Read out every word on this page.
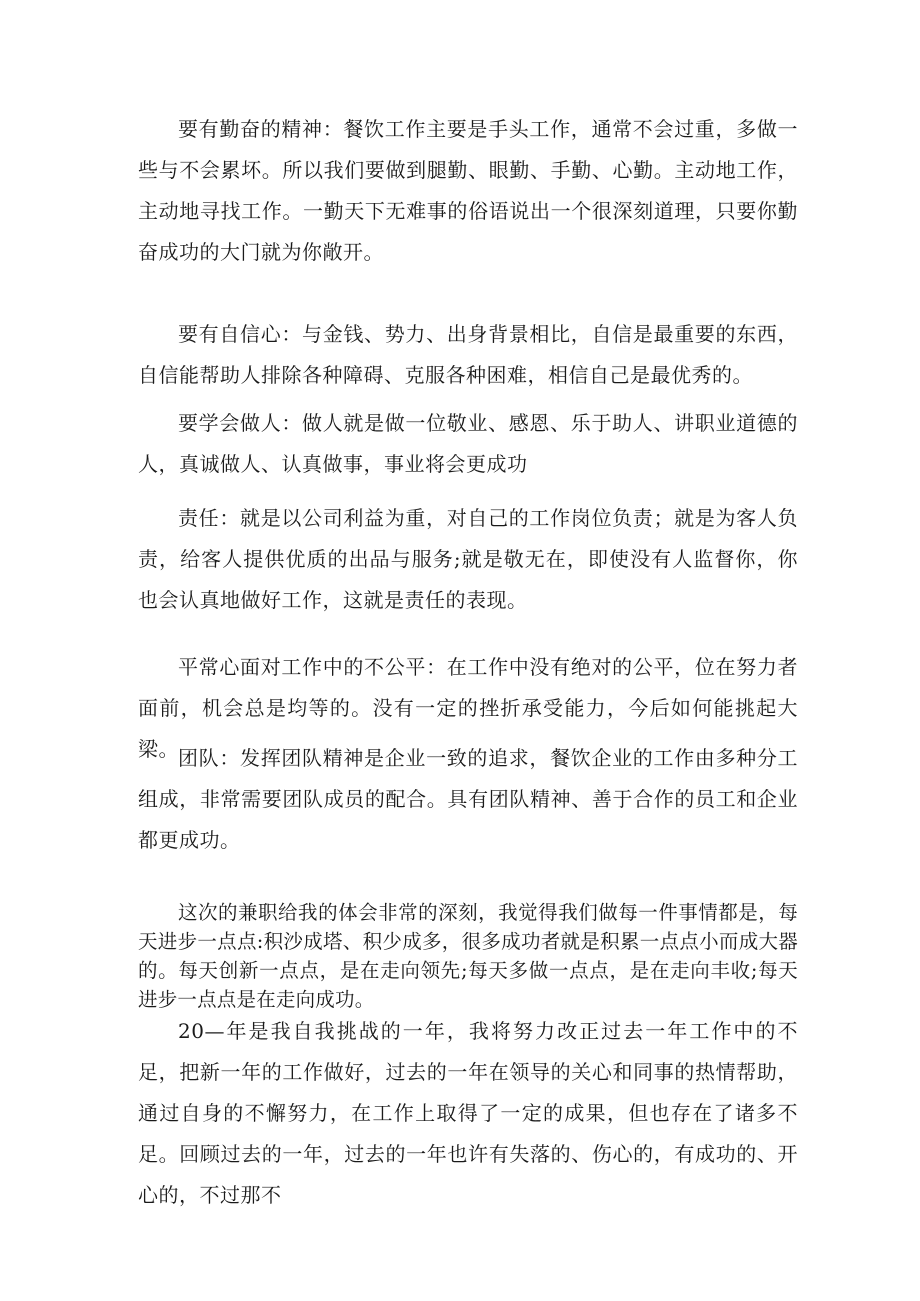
要有勤奋的精神：餐饮工作主要是手头工作，通常不会过重，多做一些与不会累坏。所以我们要做到腿勤、眼勤、手勤、心勤。主动地工作，主动地寻找工作。一勤天下无难事的俗语说出一个很深刻道理，只要你勤奋成功的大门就为你敞开。

要有自信心：与金钱、势力、出身背景相比，自信是最重要的东西，自信能帮助人排除各种障碍、克服各种困难，相信自己是最优秀的。

要学会做人：做人就是做一位敬业、感恩、乐于助人、讲职业道德的人，真诚做人、认真做事，事业将会更成功

责任：就是以公司利益为重，对自己的工作岗位负责；就是为客人负责，给客人提供优质的出品与服务;就是敬无在，即使没有人监督你，你也会认真地做好工作，这就是责任的表现。

平常心面对工作中的不公平：在工作中没有绝对的公平，位在努力者面前，机会总是均等的。没有一定的挫折承受能力，今后如何能挑起大梁。 团队：发挥团队精神是企业一致的追求，餐饮企业的工作由多种分工组成，非常需要团队成员的配合。具有团队精神、善于合作的员工和企业都更成功。

这次的兼职给我的体会非常的深刻，我觉得我们做每一件事情都是，每天进步一点点:积沙成塔、积少成多，很多成功者就是积累一点点小而成大器的。每天创新一点点，是在走向领先;每天多做一点点，是在走向丰收;每天进步一点点是在走向成功。

20—年是我自我挑战的一年，我将努力改正过去一年工作中的不足，把新一年的工作做好，过去的一年在领导的关心和同事的热情帮助，通过自身的不懈努力，在工作上取得了一定的成果，但也存在了诸多不足。回顾过去的一年，过去的一年也许有失落的、伤心的，有成功的、开心的，不过那不
